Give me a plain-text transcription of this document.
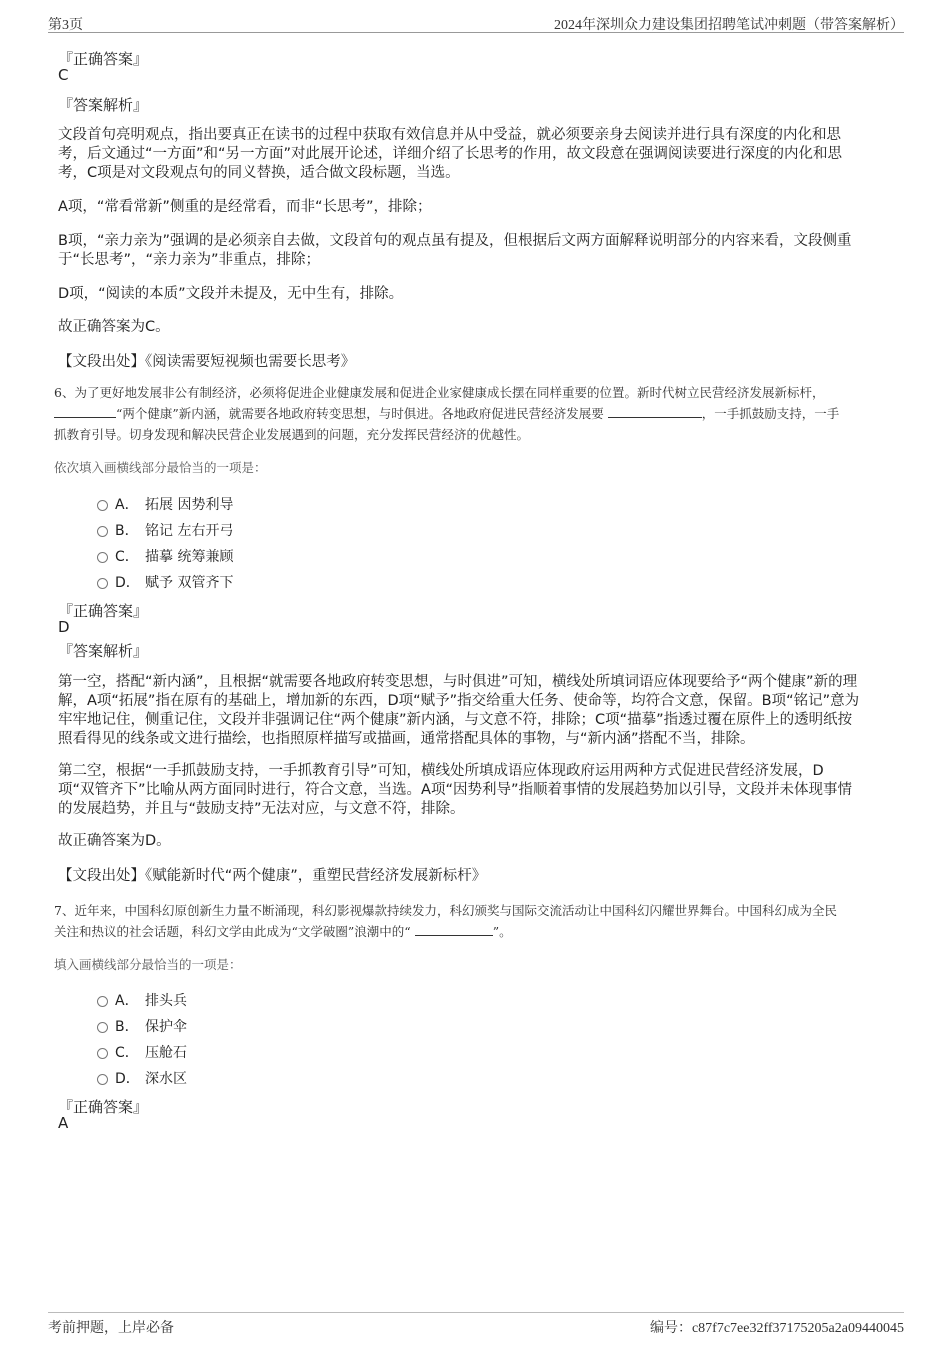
第3页	2024年深圳众力建设集团招聘笔试冲刺题（带答案解析）
『正确答案』
C
『答案解析』
文段首句亮明观点，指出要真正在读书的过程中获取有效信息并从中受益，就必须要亲身去阅读并进行具有深度的内化和思
考，后文通过“一方面”和“另一方面”对此展开论述，详细介绍了长思考的作用，故文段意在强调阅读要进行深度的内化和思
考，C项是对文段观点句的同义替换，适合做文段标题，当选。
A项，“常看常新”侧重的是经常看，而非“长思考”，排除；
B项，“亲力亲为”强调的是必须亲自去做，文段首句的观点虽有提及，但根据后文两方面解释说明部分的内容来看，文段侧重
于“长思考”，“亲力亲为”非重点，排除；
D项，“阅读的本质”文段并未提及，无中生有，排除。
故正确答案为C。
【文段出处】《阅读需要短视频也需要长思考》
6、为了更好地发展非公有制经济，必须将促进企业健康发展和促进企业家健康成长摆在同样重要的位置。新时代树立民营经济发展新标杆，
“两个健康”新内涵，就需要各地政府转变思想，与时俱进。各地政府促进民营经济发展要	，一手抓鼓励支持，一手
抓教育引导。切身发现和解决民营企业发展遇到的问题，充分发挥民营经济的优越性。
依次填入画横线部分最恰当的一项是：
A． 拓展 因势利导
B． 铭记 左右开弓
C． 描摹 统筹兼顾
D． 赋予 双管齐下
『正确答案』
D
『答案解析』
第一空，搭配“新内涵”，且根据“就需要各地政府转变思想，与时俱进”可知，横线处所填词语应体现要给予“两个健康”新的理
解，A项“拓展”指在原有的基础上，增加新的东西，D项“赋予”指交给重大任务、使命等，均符合文意，保留。B项“铭记”意为
牢牢地记住，侧重记住，文段并非强调记住“两个健康”新内涵，与文意不符，排除；C项“描摹”指透过覆在原件上的透明纸按
照看得见的线条或文进行描绘，也指照原样描写或描画，通常搭配具体的事物，与“新内涵”搭配不当，排除。
第二空，根据“一手抓鼓励支持，一手抓教育引导”可知，横线处所填成语应体现政府运用两种方式促进民营经济发展，D
项“双管齐下”比喻从两方面同时进行，符合文意，当选。A项“因势利导”指顺着事情的发展趋势加以引导，文段并未体现事情
的发展趋势，并且与“鼓励支持”无法对应，与文意不符，排除。
故正确答案为D。
【文段出处】《赋能新时代“两个健康”，重塑民营经济发展新标杆》
7、近年来，中国科幻原创新生力量不断涌现，科幻影视爆款持续发力，科幻颁奖与国际交流活动让中国科幻闪耀世界舞台。中国科幻成为全民
关注和热议的社会话题，科幻文学由此成为“文学破圈”浪潮中的“	”。
填入画横线部分最恰当的一项是：
A． 排头兵
B． 保护伞
C． 压舱石
D． 深水区
『正确答案』
A
考前押题，上岸必备	编号：c87f7c7ee32ff37175205a2a09440045
